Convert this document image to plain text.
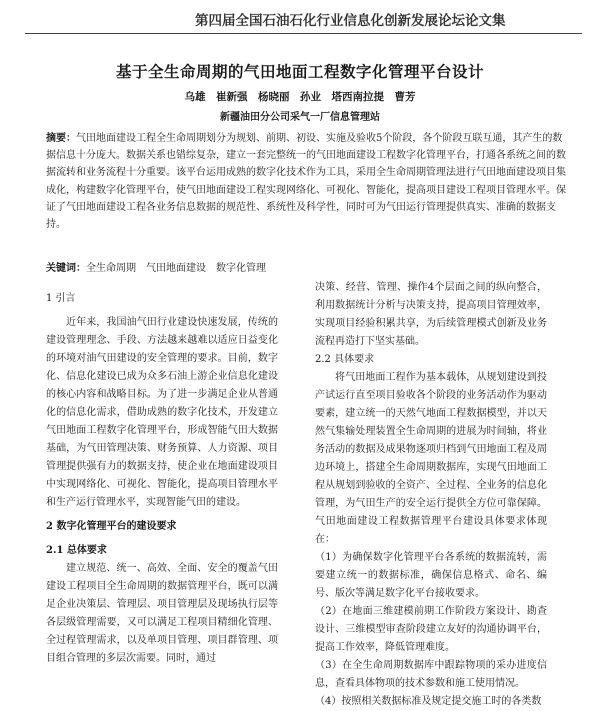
第四届全国石油石化行业信息化创新发展论坛论文集
基于全生命周期的气田地面工程数字化管理平台设计
乌雄　崔新强　杨晓丽　孙业　塔西南拉提　曹芳
新疆油田分公司采气一厂信息管理站

摘要：气田地面建设工程全生命周期划分为规划、前期、初设、实施及验收5个阶段，各个阶段互联互通，其产生的数据信息十分庞大。数据关系也错综复杂，建立一套完整统一的气田地面建设工程数字化管理平台，打通各系统之间的数据流转和业务流程十分重要。该平台运用成熟的数字化技术作为工具，采用全生命周期管理法进行气田地面建设项目集成化，构建数字化管理平台，使气田地面建设工程实现网络化、可视化、智能化，提高项目建设工程项目管理水平。保证了气田地面建设工程各业务信息数据的规范性、系统性及科学性，同时可为气田运行管理提供真实、准确的数据支持。

关键词：全生命周期　气田地面建设　数字化管理

1 引言

近年来，我国油气田行业建设快速发展，传统的建设管理理念、手段、方法越来越难以适应日益变化的环境对油气田建设的安全管理的要求。目前，数字化、信息化建设已成为众多石油上游企业信息化建设的核心内容和战略目标。为了进一步满足企业从普通化的信息化需求，借助成熟的数字化技术，开发建立气田地面工程数字化管理平台，形成智能气田大数据基础，为气田管理决策、财务预算、人力资源、项目管理提供强有力的数据支持，使企业在地面建设项目中实现网络化、可视化、智能化，提高项目管理水平和生产运行管理水平，实现智能气田的建设。

2 数字化管理平台的建设要求

2.1 总体要求

建立规范、统一、高效、全面、安全的覆盖气田建设工程项目全生命周期的数据管理平台，既可以满足企业决策层、管理层、项目管理层及现场执行层等各层级管理需要，又可以满足工程项目精细化管理、全过程管理需求，以及单项目管理、项目群管理、项目组合管理的多层次需要。同时，通过

决策、经营、管理、操作4个层面之间的纵向整合，利用数据统计分析与决策支持，提高项目管理效率，实现项目经验积累共享，为后续管理模式创新及业务流程再造打下坚实基础。

2.2 具体要求

将气田地面工程作为基本载体，从规划建设到投产试运行直至项目验收各个阶段的业务活动作为驱动要素，建立统一的天然气地面工程数据模型，并以天然气集输处理装置全生命周期的进展为时间轴，将业务活动的数据及成果物逐项归档到气田地面工程及周边环境上，搭建全生命周期数据库，实现气田地面工程从规划到验收的全资产、全过程、全业务的信息化管理，为气田生产的安全运行提供全方位可靠保障。气田地面建设工程数据管理平台建设具体要求体现在：

（1）为确保数字化管理平台各系统的数据流转，需要建立统一的数据标准，确保信息格式、命名、编号、版次等满足数字化平台接收要求。

（2）在地面三维建模前期工作阶段方案设计、勘查设计、三维模型审查阶段建立友好的沟通协调平台，提高工作效率，降低管理难度。

（3）在全生命周期数据库中跟踪物项的采办进度信息，查看具体物项的技术参数和施工使用情况。

（4）按照相关数据标准及规定提交施工时的各类数
